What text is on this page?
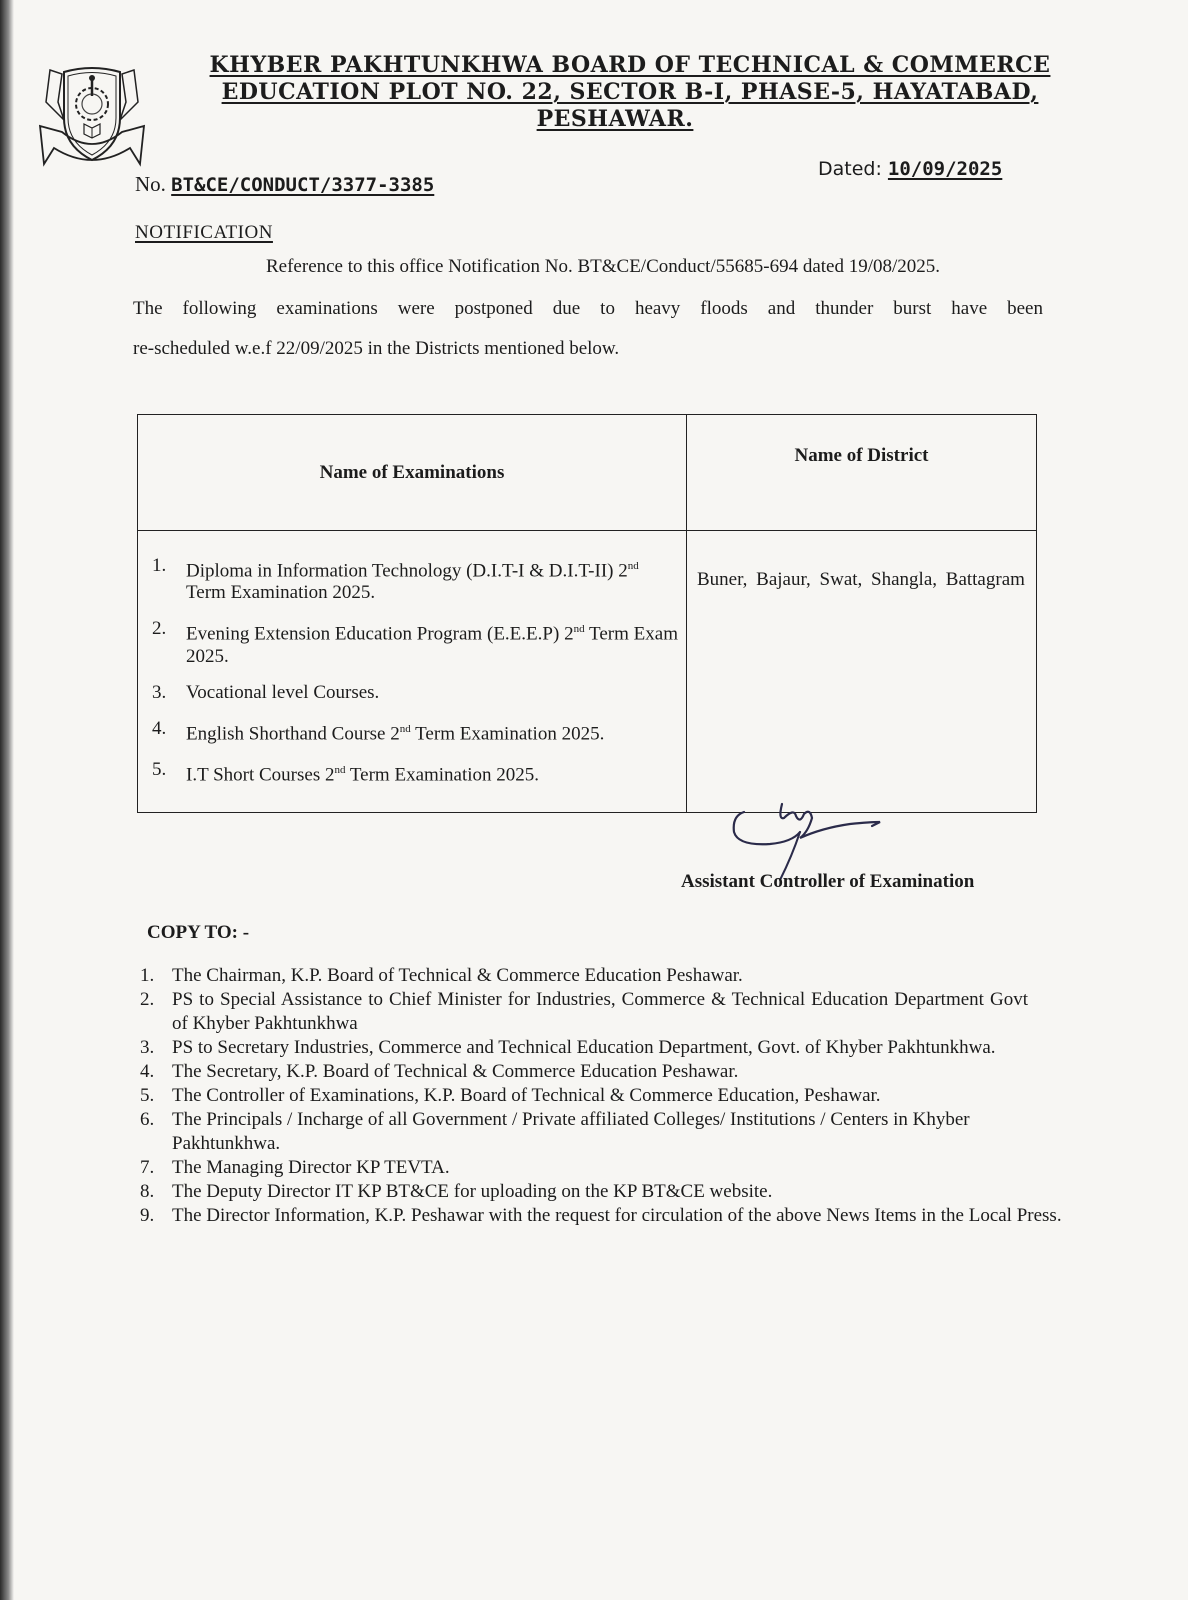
KHYBER PAKHTUNKHWA BOARD OF TECHNICAL & COMMERCE
EDUCATION PLOT NO. 22, SECTOR B-I, PHASE-5, HAYATABAD,
PESHAWAR.
No. BT&CE/CONDUCT/3377-3385
Dated: 10/09/2025
NOTIFICATION

Reference to this office Notification No. BT&CE/Conduct/55685-694 dated 19/08/2025.

The following examinations were postponed due to heavy floods and thunder burst have been

re-scheduled w.e.f 22/09/2025 in the Districts mentioned below.

Name of Examinations	Name of District

1.	Diploma in Information Technology (D.I.T-I & D.I.T-II) 2nd Term Examination 2025.
2.	Evening Extension Education Program (E.E.E.P) 2nd Term Exam 2025.
3.	Vocational level Courses.
4.	English Shorthand Course 2nd Term Examination 2025.
5.	I.T Short Courses 2nd Term Examination 2025.
	Buner, Bajaur, Swat, Shangla, Battagram
Assistant Controller of Examination
COPY TO: -
1. The Chairman, K.P. Board of Technical & Commerce Education Peshawar.
2. PS to Special Assistance to Chief Minister for Industries, Commerce & Technical Education Department Govt of Khyber Pakhtunkhwa
3. PS to Secretary Industries, Commerce and Technical Education Department, Govt. of Khyber Pakhtunkhwa.
4. The Secretary, K.P. Board of Technical & Commerce Education Peshawar.
5. The Controller of Examinations, K.P. Board of Technical & Commerce Education, Peshawar.
6. The Principals / Incharge of all Government / Private affiliated Colleges/ Institutions / Centers in Khyber Pakhtunkhwa.
7. The Managing Director KP TEVTA.
8. The Deputy Director IT KP BT&CE for uploading on the KP BT&CE website.
9. The Director Information, K.P. Peshawar with the request for circulation of the above News Items in the Local Press.
